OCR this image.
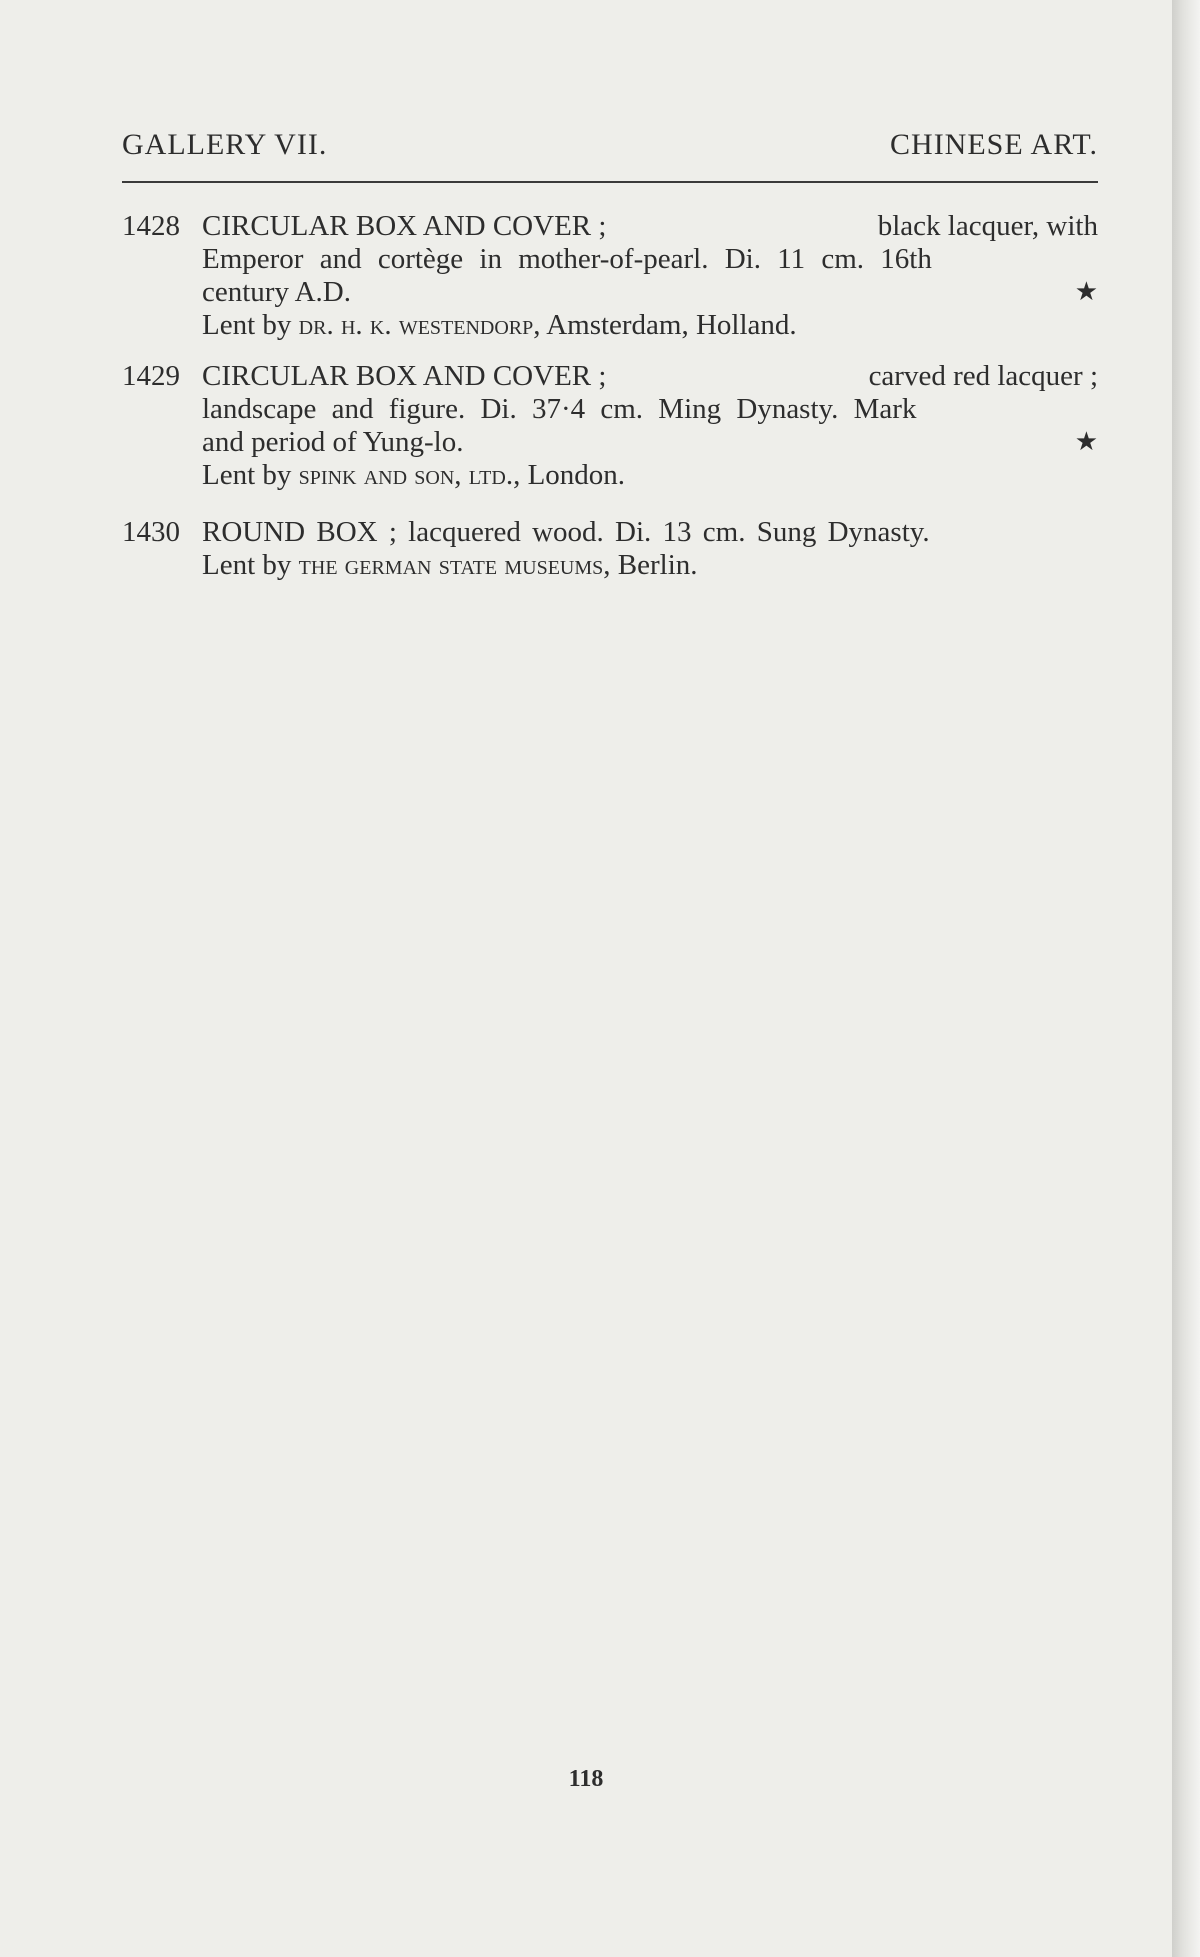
GALLERY VII.	CHINESE ART.
1428 CIRCULAR BOX AND COVER ;	black lacquer, with
Emperor and cortège in mother-of-pearl. Di. 11 cm. 16th
century A.D.	★
Lent by dr. h. k. westendorp, Amsterdam, Holland.
1429 CIRCULAR BOX AND COVER ;	carved red lacquer ;
landscape and figure. Di. 37·4 cm. Ming Dynasty. Mark
and period of Yung-lo.	★
Lent by spink and son, ltd., London.
1430 ROUND BOX ; lacquered wood. Di. 13 cm. Sung Dynasty.
Lent by the german state museums, Berlin.
118
